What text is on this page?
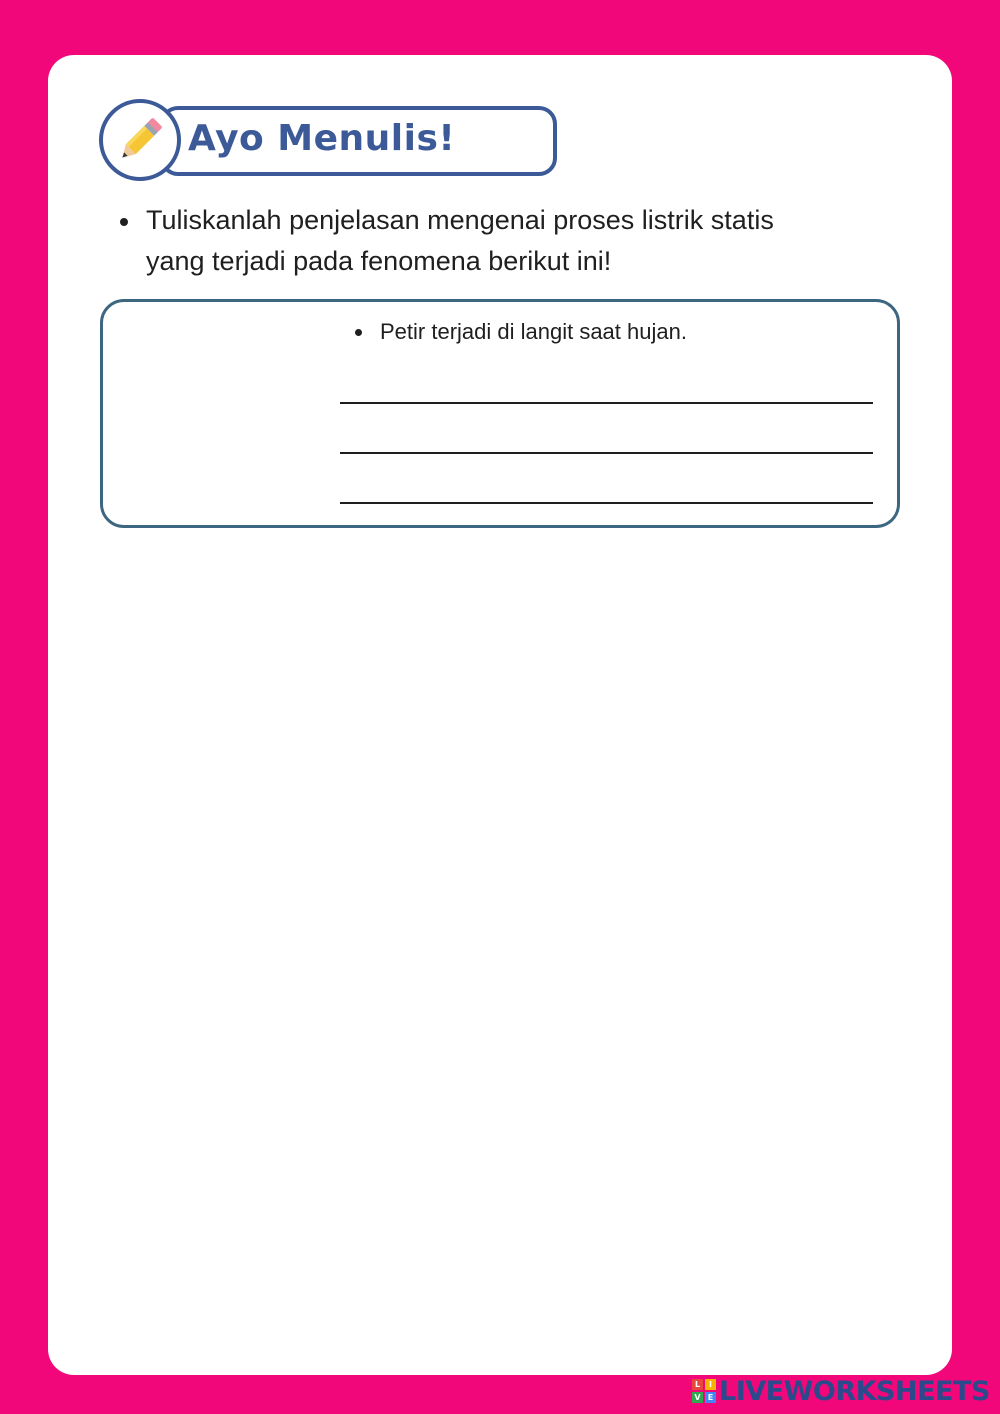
Ayo Menulis!
Tuliskanlah penjelasan mengenai proses listrik statis
yang terjadi pada fenomena berikut ini!
Petir terjadi di langit saat hujan.
L	I
V E LIVEWORKSHEETS
